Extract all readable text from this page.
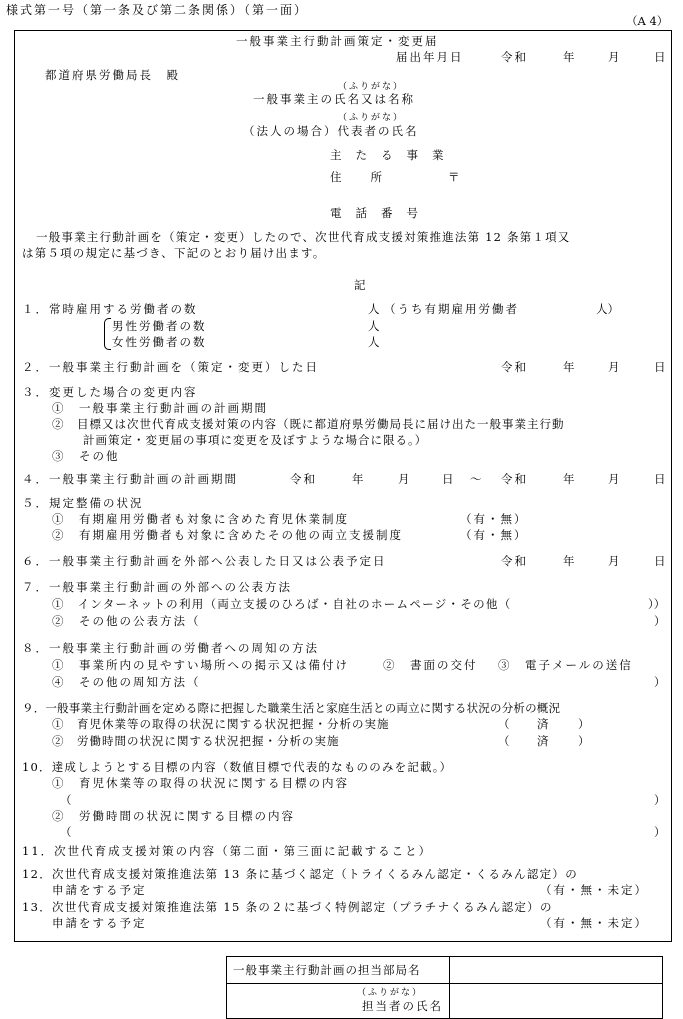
様式第一号（第一条及び第二条関係）（第一面）
（A 4）
一般事業主行動計画策定・変更届
届出年月日	令和	年	月	日
都道府県労働局長　殿
（ふりがな）
一般事業主の氏名又は名称
（ふりがな）
（法人の場合）代表者の氏名
主たる事業
住　　所	〒
電話番号
一般事業主行動計画を（策定・変更）したので、次世代育成支援対策推進法第 12 条第１項又
は第５項の規定に基づき、下記のとおり届け出ます。
記
１．常時雇用する労働者の数	人 （うち有期雇用労働者	人）
男性労働者の数	人
女性労働者の数	人
２．一般事業主行動計画を（策定・変更）した日	令和	年	月	日
３．変更した場合の変更内容
①　一般事業主行動計画の計画期間
②　目標又は次世代育成支援対策の内容（既に都道府県労働局長に届け出た一般事業主行動
計画策定・変更届の事項に変更を及ぼすような場合に限る。）
③　その他
４．一般事業主行動計画の計画期間	令和	年	月	日 ～ 令和	年	月	日
５．規定整備の状況
①　有期雇用労働者も対象に含めた育児休業制度	（有・無）
②　有期雇用労働者も対象に含めたその他の両立支援制度	（有・無）
６．一般事業主行動計画を外部へ公表した日又は公表予定日	令和	年	月	日
７．一般事業主行動計画の外部への公表方法
①　インターネットの利用（両立支援のひろば・自社のホームページ・その他（	））
②　その他の公表方法（	）
８．一般事業主行動計画の労働者への周知の方法
①　事業所内の見やすい場所への掲示又は備付け	②　書面の交付 ③　電子メールの送信
④　その他の周知方法（	）
９．一般事業主行動計画を定める際に把握した職業生活と家庭生活との両立に関する状況の分析の概況
①　育児休業等の取得の状況に関する状況把握・分析の実施	（ 済	）
②　労働時間の状況に関する状況把握・分析の実施	（ 済	）
10．達成しようとする目標の内容（数値目標で代表的なもののみを記載。）
①　育児休業等の取得の状況に関する目標の内容
（	）
②　労働時間の状況に関する目標の内容
（	）
11．次世代育成支援対策の内容（第二面・第三面に記載すること）
12．次世代育成支援対策推進法第 13 条に基づく認定（トライくるみん認定・くるみん認定）の
申請をする予定	（有・無・未定）
13．次世代育成支援対策推進法第 15 条の２に基づく特例認定（プラチナくるみん認定）の
申請をする予定	（有・無・未定）
一般事業主行動計画の担当部局名	

（ふりがな）
担当者の氏名	
